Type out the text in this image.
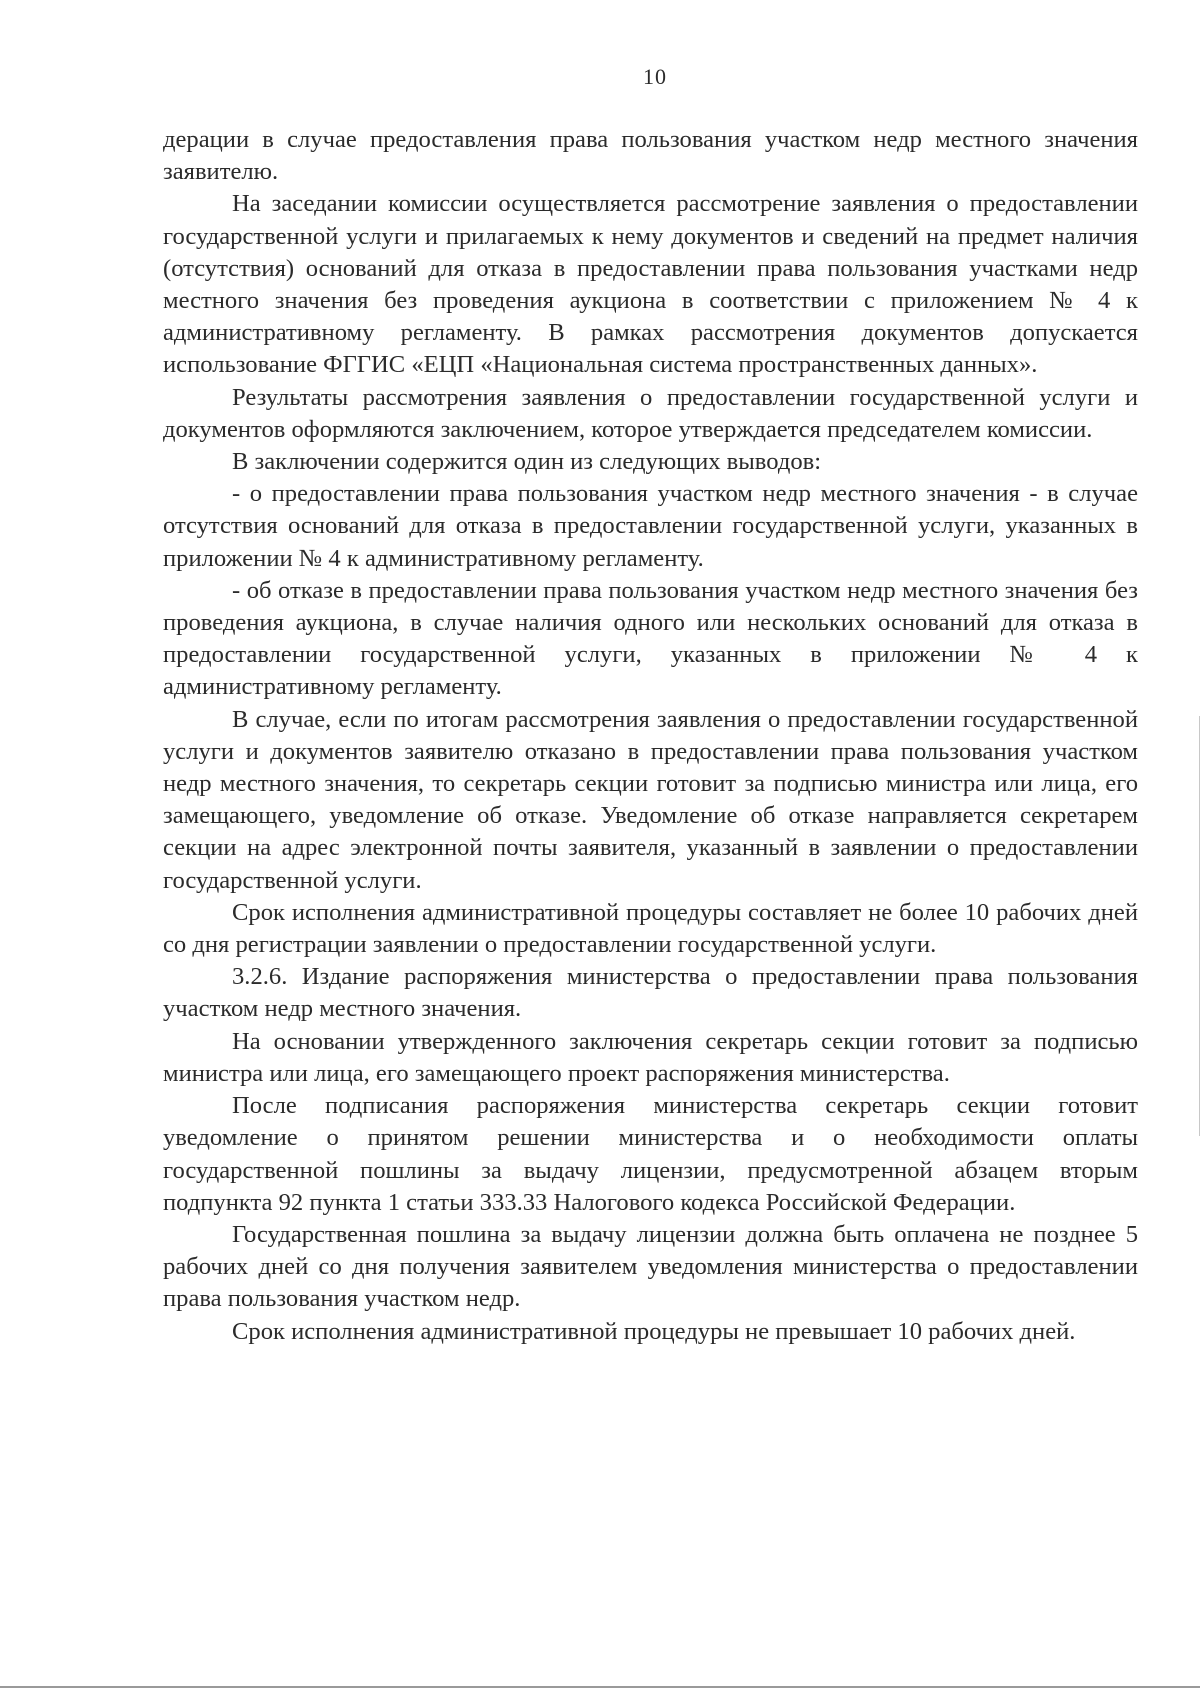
10

дерации в случае предоставления права пользования участком недр местного значения заявителю.

На заседании комиссии осуществляется рассмотрение заявления о предоставлении государственной услуги и прилагаемых к нему документов и сведений на предмет наличия (отсутствия) оснований для отказа в предоставлении права пользования участками недр местного значения без проведения аукциона в соответствии с приложением № 4 к административному регламенту. В рамках рассмотрения документов допускается использование ФГГИС «ЕЦП «Национальная система пространственных данных».

Результаты рассмотрения заявления о предоставлении государственной услуги и документов оформляются заключением, которое утверждается председателем комиссии.

В заключении содержится один из следующих выводов:

- о предоставлении права пользования участком недр местного значения - в случае отсутствия оснований для отказа в предоставлении государственной услуги, указанных в приложении № 4 к административному регламенту.

- об отказе в предоставлении права пользования участком недр местного значения без проведения аукциона, в случае наличия одного или нескольких оснований для отказа в предоставлении государственной услуги, указанных в приложении № 4 к административному регламенту.

В случае, если по итогам рассмотрения заявления о предоставлении государственной услуги и документов заявителю отказано в предоставлении права пользования участком недр местного значения, то секретарь секции готовит за подписью министра или лица, его замещающего, уведомление об отказе. Уведомление об отказе направляется секретарем секции на адрес электронной почты заявителя, указанный в заявлении о предоставлении государственной услуги.

Срок исполнения административной процедуры составляет не более 10 рабочих дней со дня регистрации заявлении о предоставлении государственной услуги.

3.2.6. Издание распоряжения министерства о предоставлении права пользования участком недр местного значения.

На основании утвержденного заключения секретарь секции готовит за подписью министра или лица, его замещающего проект распоряжения министерства.

После подписания распоряжения министерства секретарь секции готовит уведомление о принятом решении министерства и о необходимости оплаты государственной пошлины за выдачу лицензии, предусмотренной абзацем вторым подпункта 92 пункта 1 статьи 333.33 Налогового кодекса Российской Федерации.

Государственная пошлина за выдачу лицензии должна быть оплачена не позднее 5 рабочих дней со дня получения заявителем уведомления министерства о предоставлении права пользования участком недр.

Срок исполнения административной процедуры не превышает 10 рабочих дней.
